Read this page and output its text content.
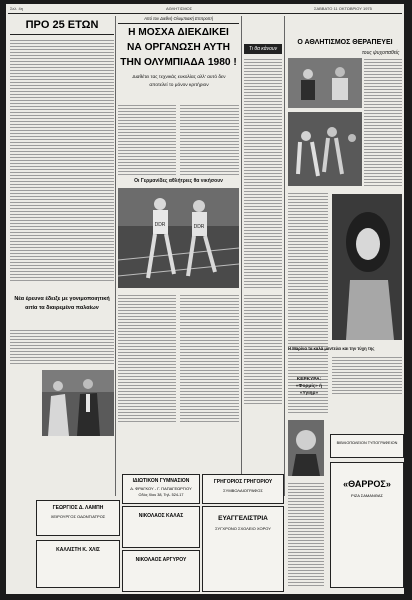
Σελ. 4η	ΑΘΛΗΤΙΣΜΟΣ	ΣΑΒΒΑΤΟ 11 ΟΚΤΩΒΡΙΟΥ 1975
ΠΡΟ 25 ΕΤΩΝ
Νέα έρευνα έδειξε με γονιμοποιητική αιτία τα διαιρεμένα παλαίων
Από τον Διεθνή Ολυμπιακή Επιτροπή
Η ΜΟΣΧΑ ΔΙΕΚΔΙΚΕΙ
ΝΑ ΟΡΓΑΝΩΣΗ ΑΥΤΗ
ΤΗΝ ΟΛΥΜΠΙΑΔΑ 1980 !
Διαθέτει τας τεχνικάς ευκολίας αλλ' αυτό δεν αποτελεί το μόνον κριτήριον
Οι Γερμανίδες αθλήτριες θα νικήσουν
DDR	DDR
Τι θα κάνουν
Ο ΑΘΛΗΤΙΣΜΟΣ ΘΕΡΑΠΕΥΕΙ
τους ψυχοπαθείς
Η Μαρίνα τα καλά μαντεύει και την τύχη της
ΚΕΡΚΥΡΑ: «Φορμίς» ή «Υγιηρ»
ΓΕΩΡΓΙΟΣ Δ. ΛΑΜΠΗ
ΧΕΙΡΟΥΡΓΟΣ ΟΔΟΝΤΙΑΤΡΟΣ
ΚΑΛΛΙΣΤΗ Κ. ΧΛΙΣ
ΙΔΙΩΤΙΚΟΝ ΓΥΜΝΑΣΙΟΝ
Δ. ΦΡΑΓΚΟΥ - Γ. ΠΑΠΑΓΕΩΡΓΙΟΥ
Οδός Χίου 38, Τηλ. 524-17
ΓΡΗΓΟΡΙΟΣ ΓΡΗΓΟΡΙΟΥ
ΣΥΜΒΟΛΑΙΟΓΡΑΦΟΣ
ΝΙΚΟΛΑΟΣ ΚΑΛΑΣ
ΝΙΚΟΛΑΟΣ ΑΡΓΥΡΟΥ
ΕΥΑΓΓΕΛΙΣΤΡΙΑ
ΣΥΓΧΡΟΝΟ ΣΧΟΛΕΙΟ ΧΟΡΟΥ
ΒΙΒΛΙΟΠΩΛΕΙΟΝ ΤΥΠΟΓΡΑΦΕΙΟΝ
«ΘΑΡΡΟΣ»
ΡΙΖΑ ΣΑΜΑΝΘΑΣ
